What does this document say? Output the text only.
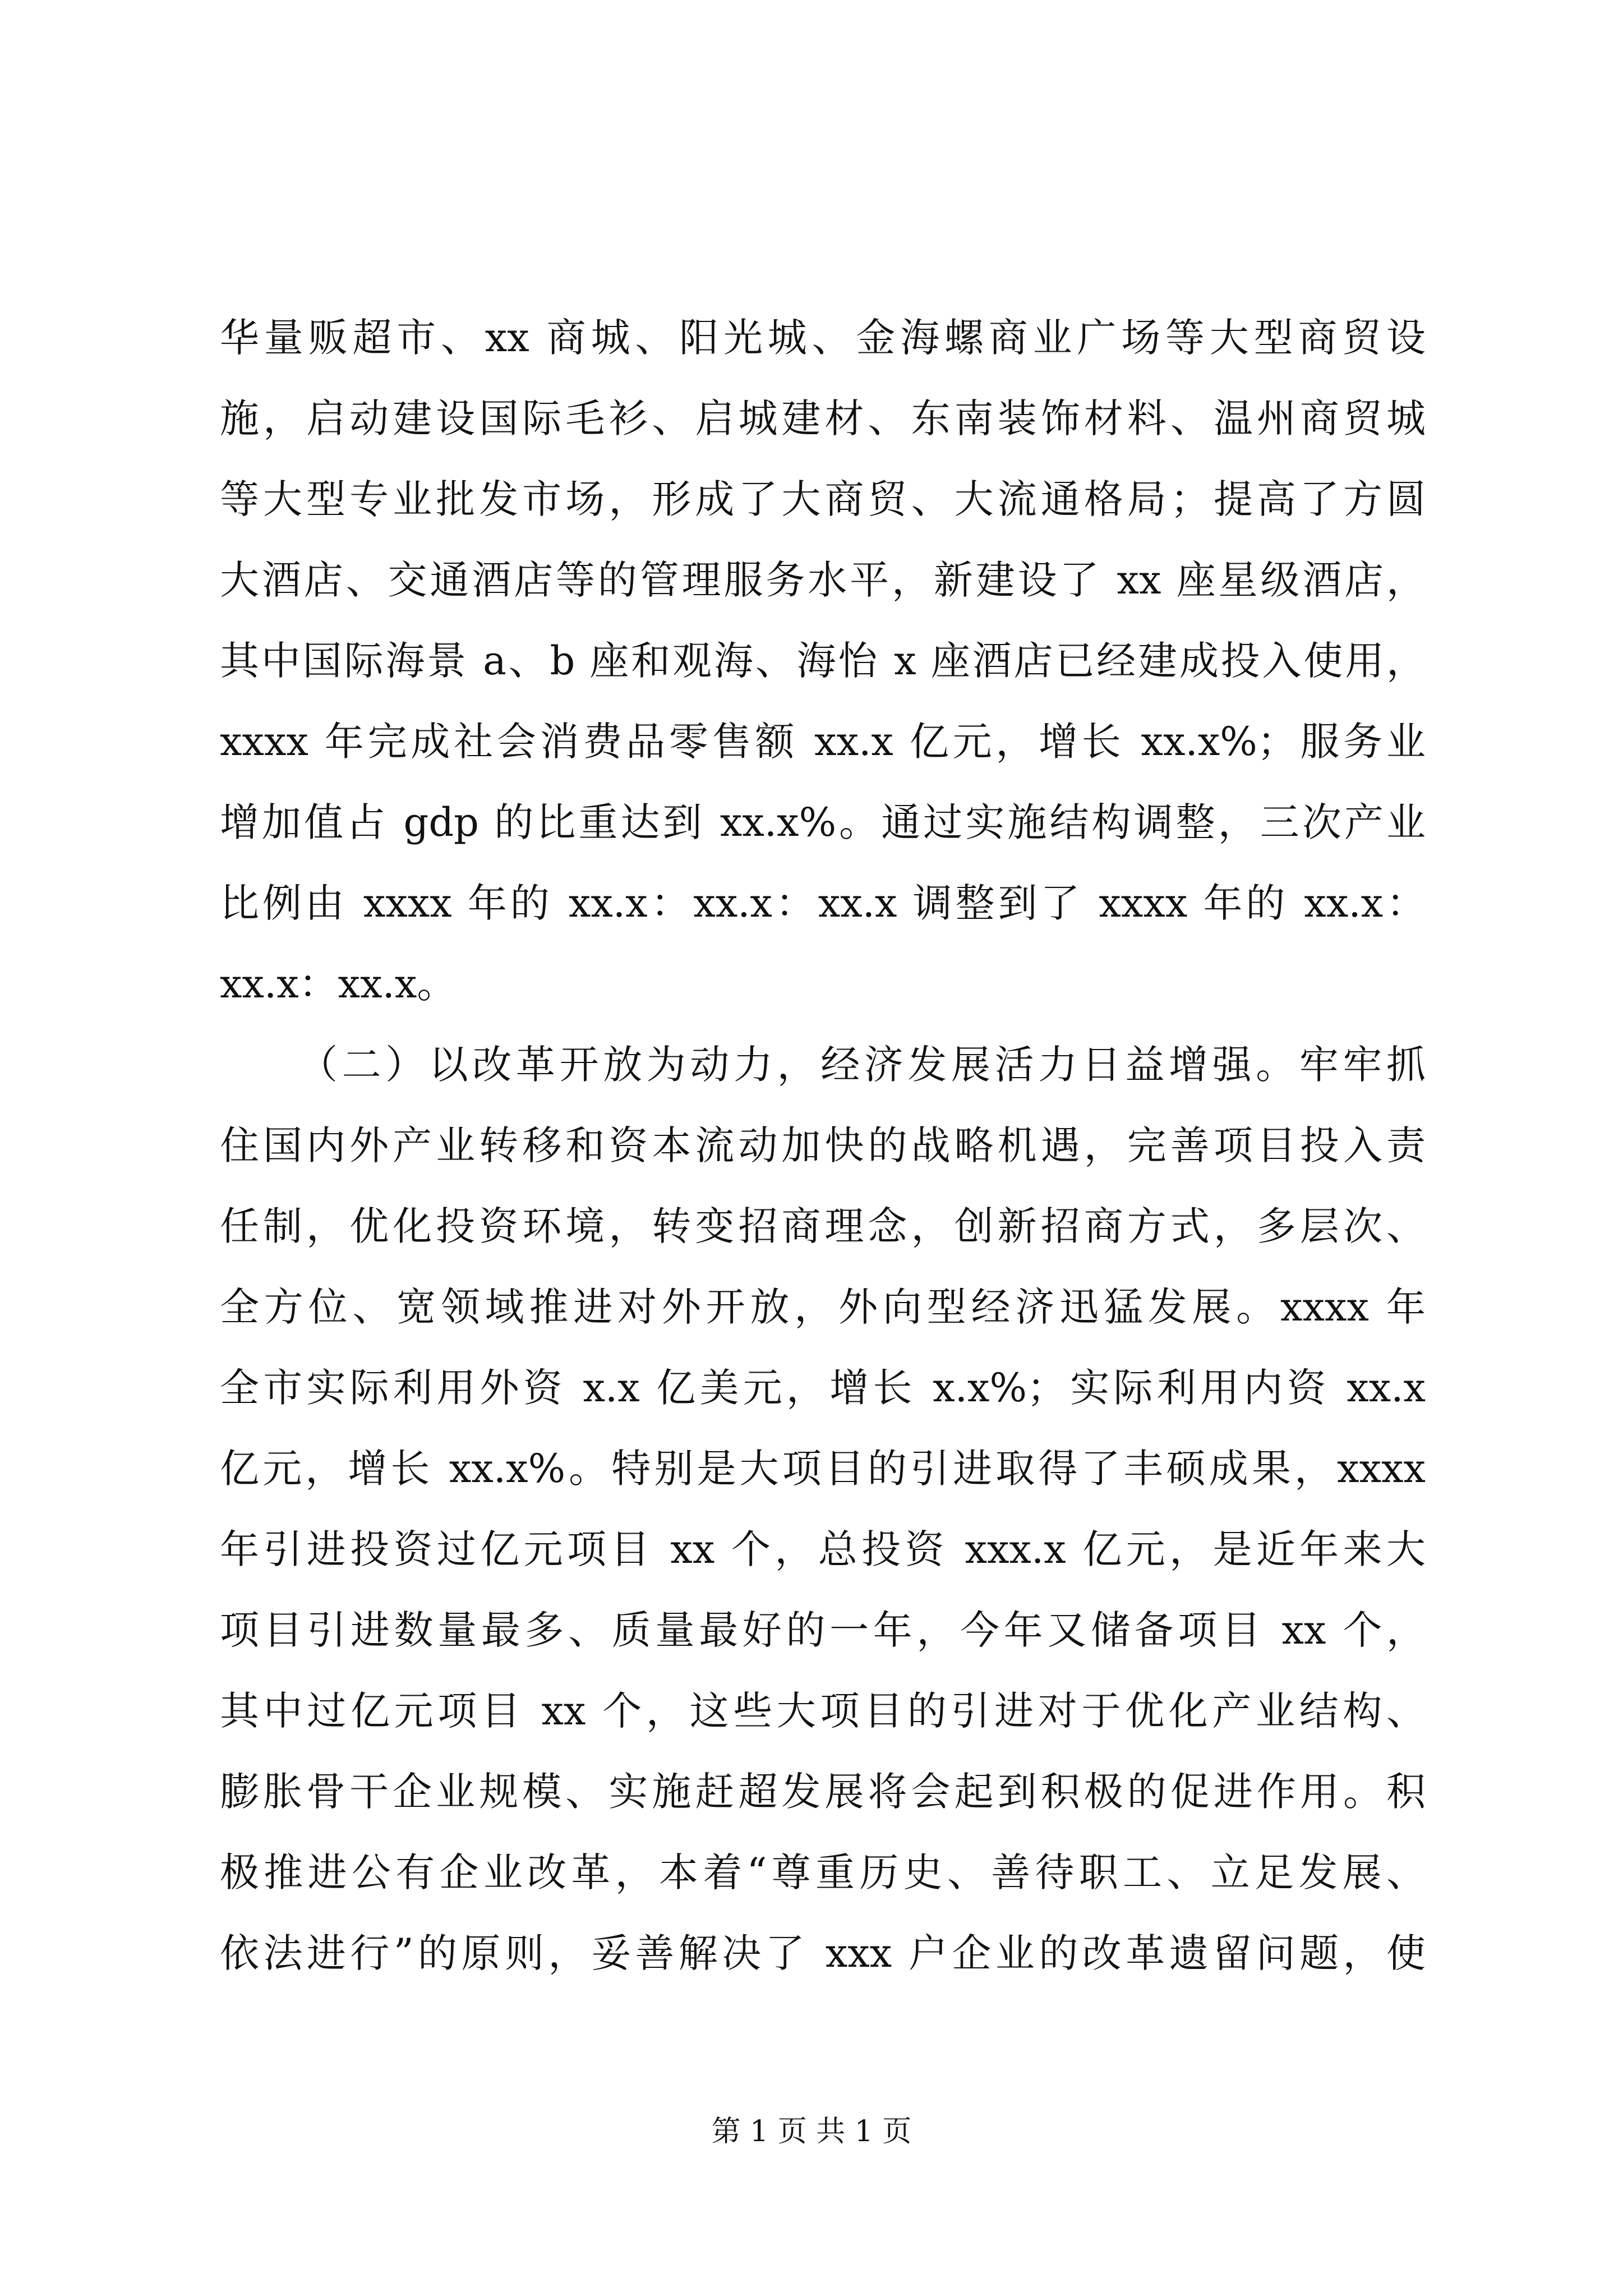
华量贩超市、xx 商城、阳光城、金海螺商业广场等大型商贸设
施，启动建设国际毛衫、启城建材、东南装饰材料、温州商贸城
等大型专业批发市场，形成了大商贸、大流通格局；提高了方圆
大酒店、交通酒店等的管理服务水平，新建设了 xx 座星级酒店，
其中国际海景 a、b 座和观海、海怡 x 座酒店已经建成投入使用，
xxxx 年完成社会消费品零售额 xx.x 亿元，增长 xx.x%；服务业
增加值占 gdp 的比重达到 xx.x%。通过实施结构调整，三次产业
比例由 xxxx 年的 xx.x：xx.x：xx.x 调整到了 xxxx 年的 xx.x：
xx.x：xx.x。
（二）以改革开放为动力，经济发展活力日益增强。牢牢抓
住国内外产业转移和资本流动加快的战略机遇，完善项目投入责
任制，优化投资环境，转变招商理念，创新招商方式，多层次、
全方位、宽领域推进对外开放，外向型经济迅猛发展。xxxx 年
全市实际利用外资 x.x 亿美元，增长 x.x%；实际利用内资 xx.x
亿元，增长 xx.x%。特别是大项目的引进取得了丰硕成果，xxxx
年引进投资过亿元项目 xx 个，总投资 xxx.x 亿元，是近年来大
项目引进数量最多、质量最好的一年，今年又储备项目 xx 个，
其中过亿元项目 xx 个，这些大项目的引进对于优化产业结构、
膨胀骨干企业规模、实施赶超发展将会起到积极的促进作用。积
极推进公有企业改革，本着“尊重历史、善待职工、立足发展、
依法进行”的原则，妥善解决了 xxx 户企业的改革遗留问题，使
第 1 页 共 1 页
